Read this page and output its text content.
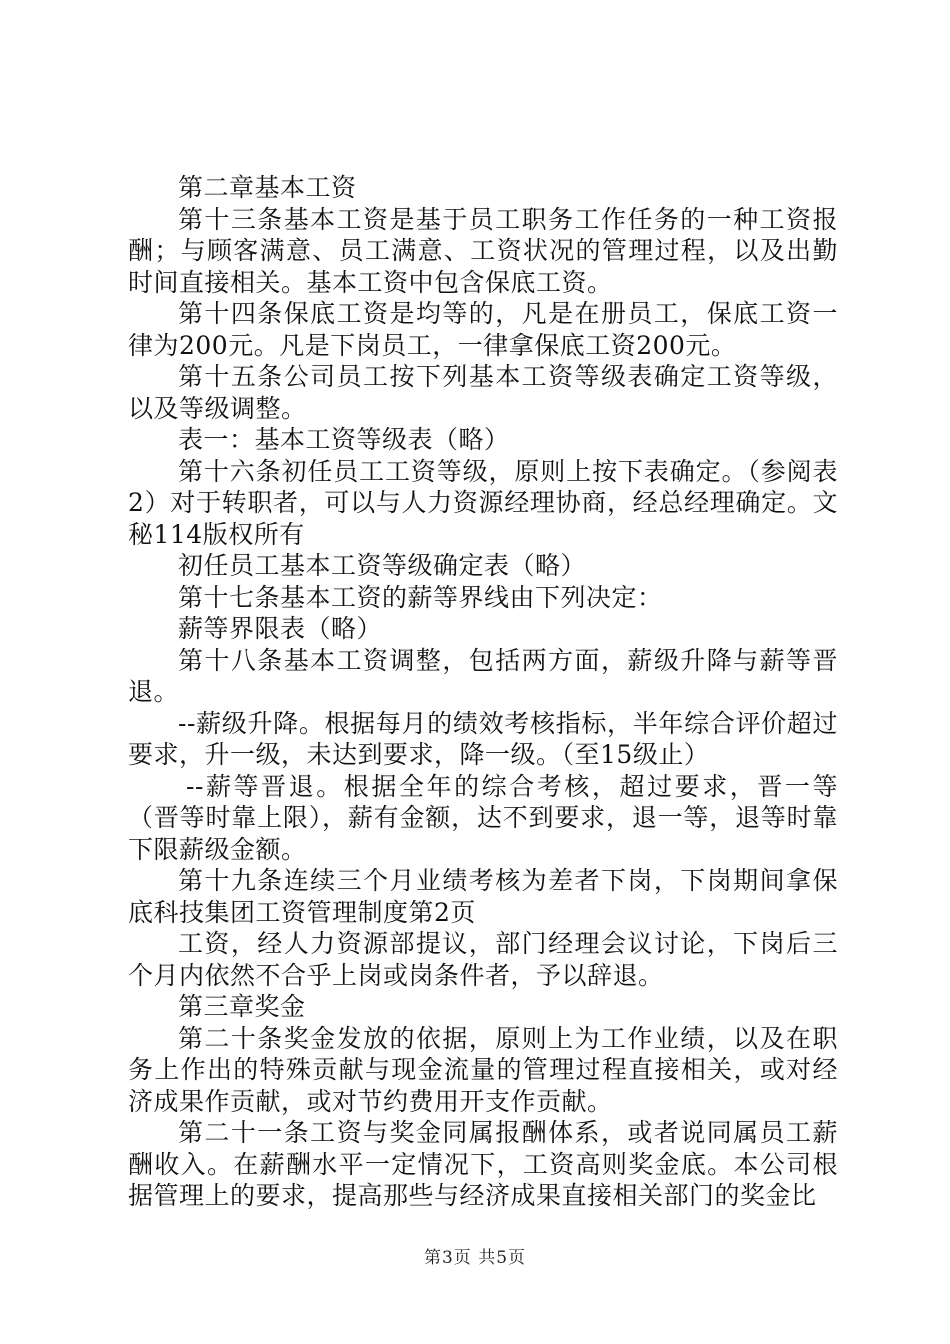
第二章基本工资

第十三条基本工资是基于员工职务工作任务的一种工资报酬；与顾客满意、员工满意、工资状况的管理过程，以及出勤时间直接相关。基本工资中包含保底工资。

第十四条保底工资是均等的，凡是在册员工，保底工资一律为200元。凡是下岗员工，一律拿保底工资200元。

第十五条公司员工按下列基本工资等级表确定工资等级，以及等级调整。

表一：基本工资等级表（略）

第十六条初任员工工资等级，原则上按下表确定。（参阅表2）对于转职者，可以与人力资源经理协商，经总经理确定。文秘114版权所有

初任员工基本工资等级确定表（略）

第十七条基本工资的薪等界线由下列决定：

薪等界限表（略）

第十八条基本工资调整，包括两方面，薪级升降与薪等晋退。

--薪级升降。根据每月的绩效考核指标，半年综合评价超过要求，升一级，未达到要求，降一级。（至15级止）

--薪等晋退。根据全年的综合考核，超过要求，晋一等（晋等时靠上限），薪有金额，达不到要求，退一等，退等时靠下限薪级金额。

第十九条连续三个月业绩考核为差者下岗，下岗期间拿保底科技集团工资管理制度第2页

工资，经人力资源部提议，部门经理会议讨论，下岗后三个月内依然不合乎上岗或岗条件者，予以辞退。

第三章奖金

第二十条奖金发放的依据，原则上为工作业绩，以及在职务上作出的特殊贡献与现金流量的管理过程直接相关，或对经济成果作贡献，或对节约费用开支作贡献。

第二十一条工资与奖金同属报酬体系，或者说同属员工薪酬收入。在薪酬水平一定情况下，工资高则奖金底。本公司根据管理上的要求，提高那些与经济成果直接相关部门的奖金比

第3页 共5页
